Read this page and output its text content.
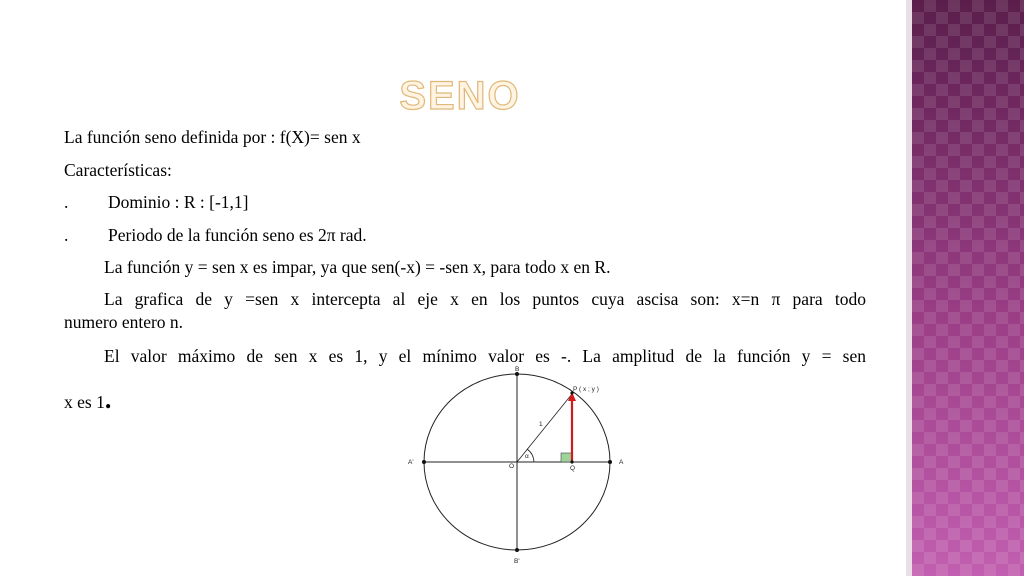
SENO
La función seno definida por : f(X)= sen x
Características:
. Dominio : R : [-1,1]
. Periodo de la función seno es 2π rad.
La función y = sen x es impar, ya que sen(-x) = -sen x, para todo x en R.
La grafica de y =sen x intercepta al eje x en los puntos cuya ascisa son: x=n π para todo
numero entero n.
El valor máximo de sen x es 1, y el mínimo valor es -. La amplitud de la función y = sen
x es 1.
B
B'
A
A'
O	Q
P ( x ; y )
1
α
